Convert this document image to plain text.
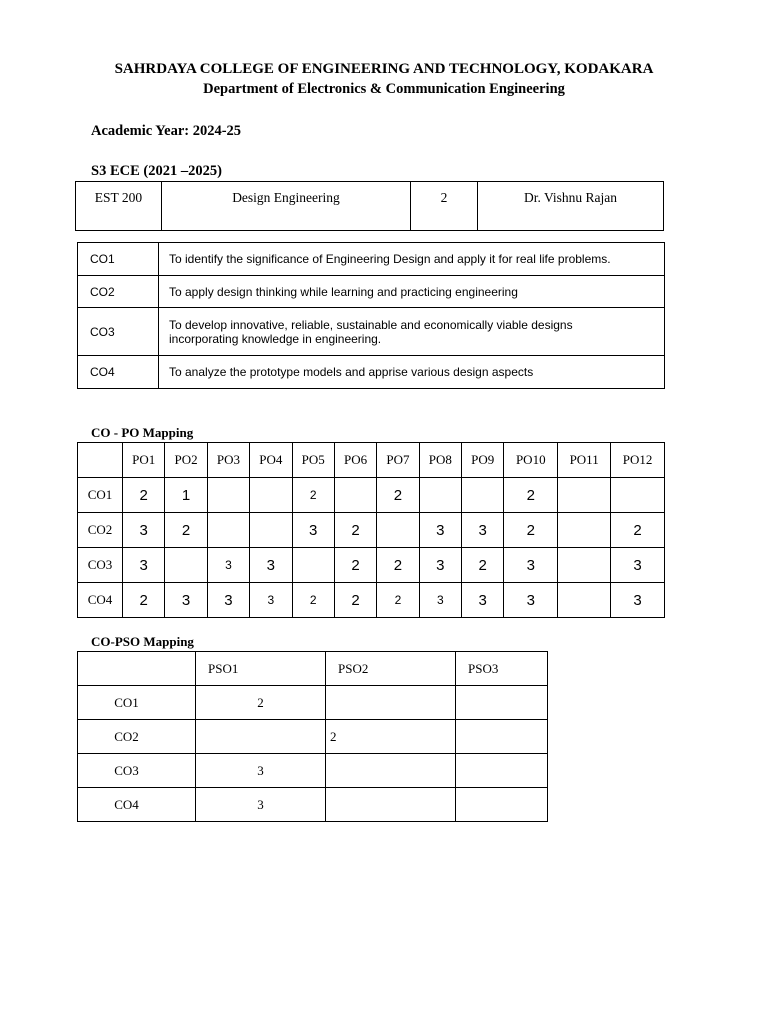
SAHRDAYA COLLEGE OF ENGINEERING AND TECHNOLOGY, KODAKARA
Department of Electronics & Communication Engineering
Academic Year: 2024-25
S3 ECE (2021 –2025)
EST 200	Design Engineering	2	Dr. Vishnu Rajan
CO1	To identify the significance of Engineering Design and apply it for real life problems.
CO2	To apply design thinking while learning and practicing engineering
CO3	To develop innovative, reliable, sustainable and economically viable designs incorporating knowledge in engineering.
CO4	To analyze the prototype models and apprise various design aspects
CO - PO Mapping
	PO1	PO2	PO3	PO4	PO5	PO6	PO7	PO8	PO9	PO10	PO11	PO12
CO1	2	1			2		2			2		
CO2	3	2			3	2		3	3	2		2
CO3	3		3	3		2	2	3	2	3		3
CO4	2	3	3	3	2	2	2	3	3	3		3
CO-PSO Mapping
	PSO1	PSO2	PSO3
CO1	2		
CO2		2	
CO3	3		
CO4	3		
